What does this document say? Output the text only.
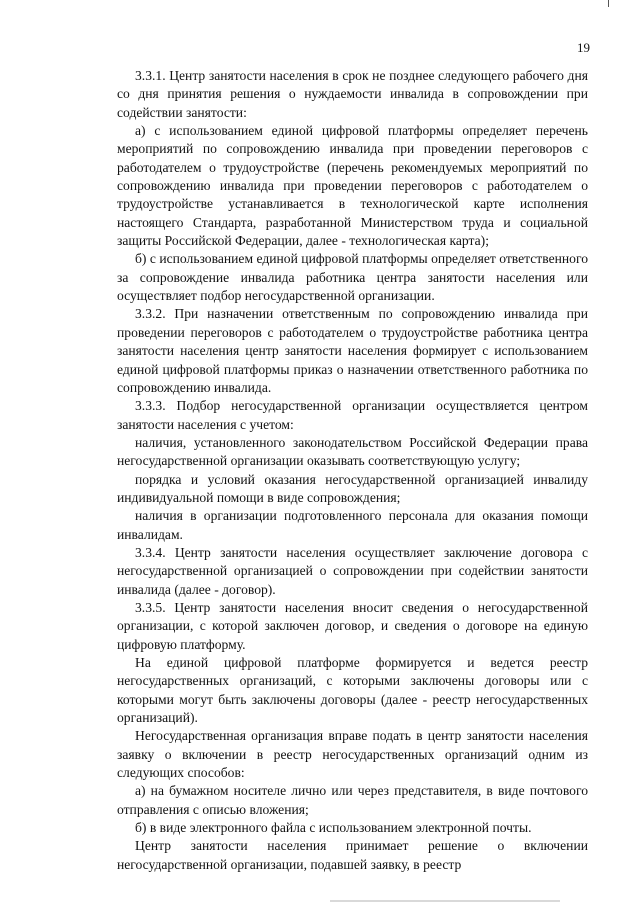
19

3.3.1. Центр занятости населения в срок не позднее следующего рабочего дня со дня принятия решения о нуждаемости инвалида в сопровождении при содействии занятости:

а) с использованием единой цифровой платформы определяет перечень мероприятий по сопровождению инвалида при проведении переговоров с работодателем о трудоустройстве (перечень рекомендуемых мероприятий по сопровождению инвалида при проведении переговоров с работодателем о трудоустройстве устанавливается в технологической карте исполнения настоящего Стандарта, разработанной Министерством труда и социальной защиты Российской Федерации, далее - технологическая карта);

б) с использованием единой цифровой платформы определяет ответственного за сопровождение инвалида работника центра занятости населения или осуществляет подбор негосударственной организации.

3.3.2. При назначении ответственным по сопровождению инвалида при проведении переговоров с работодателем о трудоустройстве работника центра занятости населения центр занятости населения формирует с использованием единой цифровой платформы приказ о назначении ответственного работника по сопровождению инвалида.

3.3.3. Подбор негосударственной организации осуществляется центром занятости населения с учетом:

наличия, установленного законодательством Российской Федерации права негосударственной организации оказывать соответствующую услугу;

порядка и условий оказания негосударственной организацией инвалиду индивидуальной помощи в виде сопровождения;

наличия в организации подготовленного персонала для оказания помощи инвалидам.

3.3.4. Центр занятости населения осуществляет заключение договора с негосударственной организацией о сопровождении при содействии занятости инвалида (далее - договор).

3.3.5. Центр занятости населения вносит сведения о негосударственной организации, с которой заключен договор, и сведения о договоре на единую цифровую платформу.

На единой цифровой платформе формируется и ведется реестр негосударственных организаций, с которыми заключены договоры или с которыми могут быть заключены договоры (далее - реестр негосударственных организаций).

Негосударственная организация вправе подать в центр занятости населения заявку о включении в реестр негосударственных организаций одним из следующих способов:

а) на бумажном носителе лично или через представителя, в виде почтового отправления с описью вложения;

б) в виде электронного файла с использованием электронной почты.

Центр занятости населения принимает решение о включении негосударственной организации, подавшей заявку, в реестр
